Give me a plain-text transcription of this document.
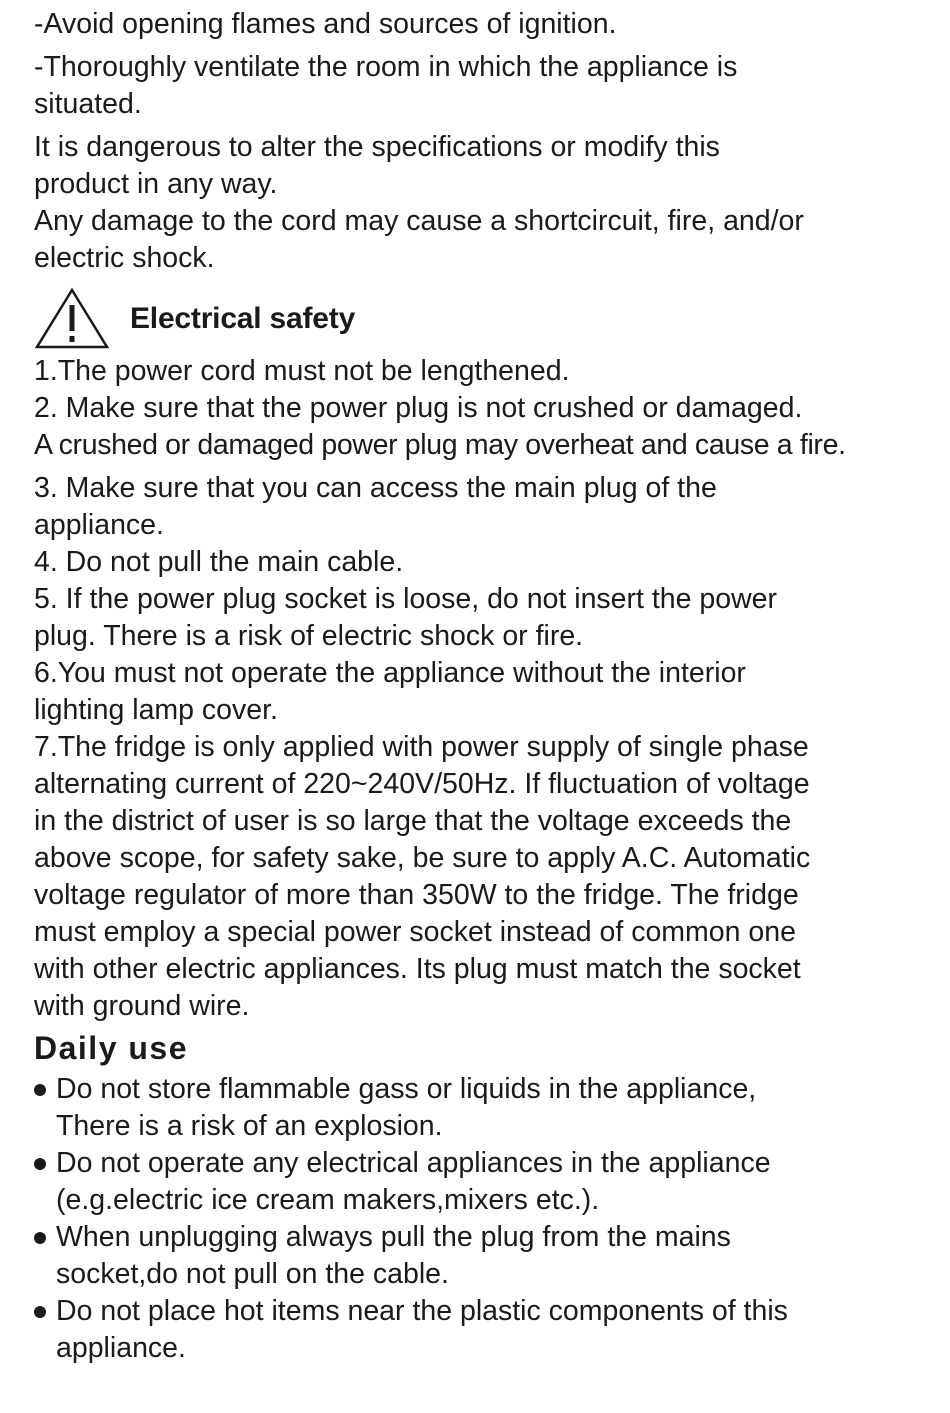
-Avoid opening flames and sources of ignition.

-Thoroughly ventilate the room in which the appliance is
situated.

It is dangerous to alter the specifications or modify this
product in any way.

Any damage to the cord may cause a shortcircuit, fire, and/or
electric shock.

Electrical safety

1.The power cord must not be lengthened.

2. Make sure that the power plug is not crushed or damaged.
A crushed or damaged power plug may overheat and cause a fire.

3. Make sure that you can access the main plug of the
appliance.

4. Do not pull the main cable.

5. If the power plug socket is loose, do not insert the power
plug. There is a risk of electric shock or fire.

6.You must not operate the appliance without the interior
lighting lamp cover.

7.The fridge is only applied with power supply of single phase
alternating current of 220~240V/50Hz. If fluctuation of voltage
in the district of user is so large that the voltage exceeds the
above scope, for safety sake, be sure to apply A.C. Automatic
voltage regulator of more than 350W to the fridge. The fridge
must employ a special power socket instead of common one
with other electric appliances. Its plug must match the socket
with ground wire.

Daily use
Do not store flammable gass or liquids in the appliance,
There is a risk of an explosion.
Do not operate any electrical appliances in the appliance
(e.g.electric ice cream makers,mixers etc.).
When unplugging always pull the plug from the mains
socket,do not pull on the cable.
Do not place hot items near the plastic components of this
appliance.
